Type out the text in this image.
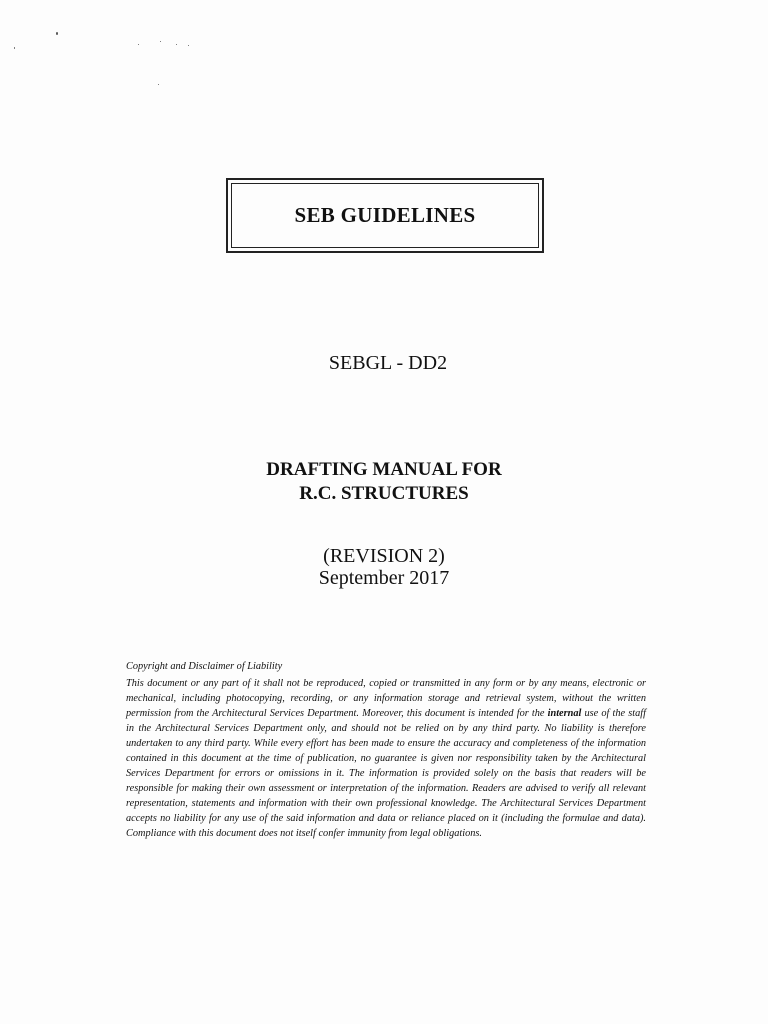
SEB GUIDELINES
SEBGL - DD2
DRAFTING MANUAL FOR
R.C. STRUCTURES
(REVISION 2)
September 2017
Copyright and Disclaimer of Liability
This document or any part of it shall not be reproduced, copied or transmitted in any form or by any means, electronic or mechanical, including photocopying, recording, or any information storage and retrieval system, without the written permission from the Architectural Services Department. Moreover, this document is intended for the internal use of the staff in the Architectural Services Department only, and should not be relied on by any third party. No liability is therefore undertaken to any third party. While every effort has been made to ensure the accuracy and completeness of the information contained in this document at the time of publication, no guarantee is given nor responsibility taken by the Architectural Services Department for errors or omissions in it. The information is provided solely on the basis that readers will be responsible for making their own assessment or interpretation of the information. Readers are advised to verify all relevant representation, statements and information with their own professional knowledge. The Architectural Services Department accepts no liability for any use of the said information and data or reliance placed on it (including the formulae and data). Compliance with this document does not itself confer immunity from legal obligations.
